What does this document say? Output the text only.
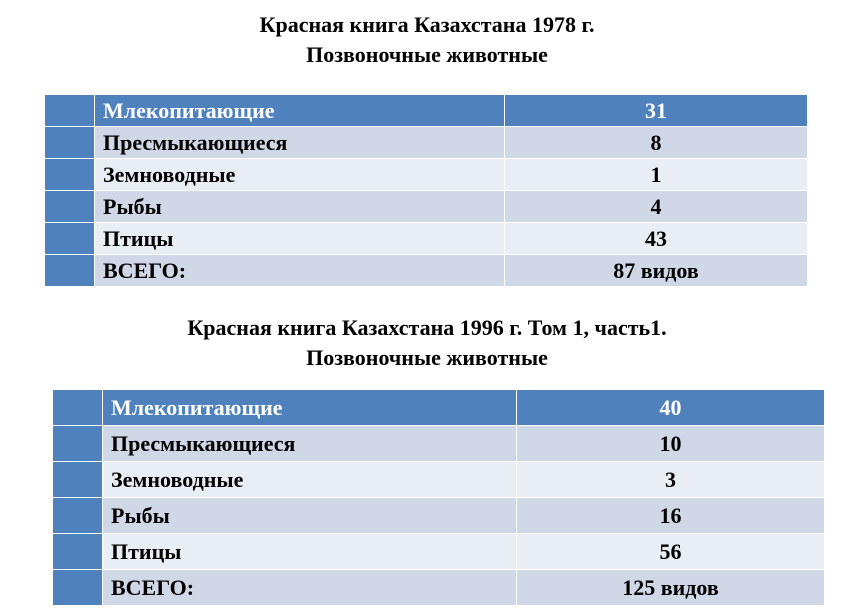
Красная книга Казахстана 1978 г.
Позвоночные животные
	Млекопитающие	31
	Пресмыкающиеся	8
	Земноводные	1
	Рыбы	4
	Птицы	43
	ВСЕГО:	87 видов
Красная книга Казахстана 1996 г. Том 1, часть1.
Позвоночные животные
	Млекопитающие	40
	Пресмыкающиеся	10
	Земноводные	3
	Рыбы	16
	Птицы	56
	ВСЕГО:	125 видов
